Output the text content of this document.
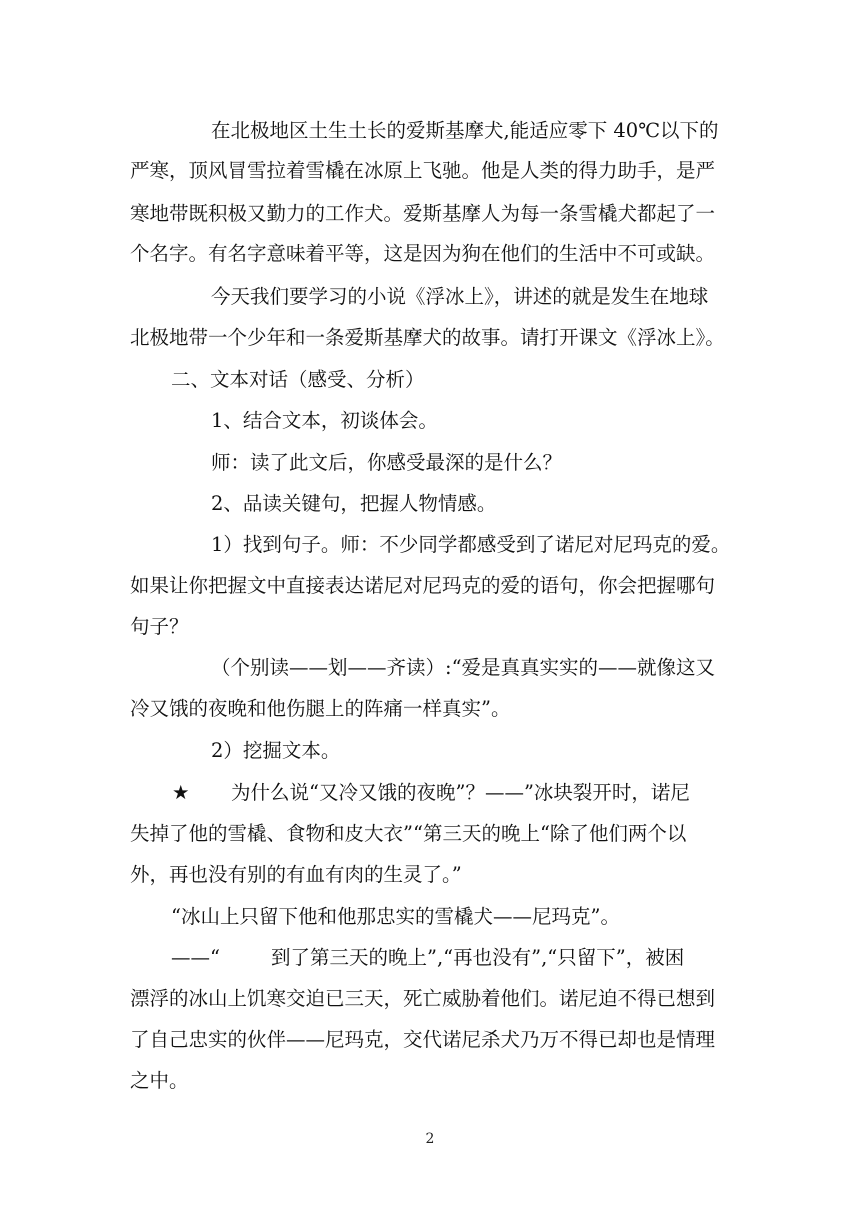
在北极地区土生土长的爱斯基摩犬,能适应零下 40℃以下的
严寒，顶风冒雪拉着雪橇在冰原上飞驰。他是人类的得力助手，是严
寒地带既积极又勤力的工作犬。爱斯基摩人为每一条雪橇犬都起了一
个名字。有名字意味着平等，这是因为狗在他们的生活中不可或缺。
今天我们要学习的小说《浮冰上》，讲述的就是发生在地球
北极地带一个少年和一条爱斯基摩犬的故事。请打开课文《浮冰上》。
二、文本对话（感受、分析）
1、结合文本，初谈体会。
师：读了此文后，你感受最深的是什么？
2、品读关键句，把握人物情感。
1）找到句子。师：不少同学都感受到了诺尼对尼玛克的爱。
如果让你把握文中直接表达诺尼对尼玛克的爱的语句，你会把握哪句
句子？
（个别读——划——齐读）:“爱是真真实实的——就像这又
冷又饿的夜晚和他伤腿上的阵痛一样真实”。
2）挖掘文本。
★ 为什么说“又冷又饿的夜晚”？——”冰块裂开时，诺尼
失掉了他的雪橇、食物和皮大衣”“第三天的晚上“除了他们两个以
外，再也没有别的有血有肉的生灵了。”
“冰山上只留下他和他那忠实的雪橇犬——尼玛克”。
——“	到了第三天的晚上”,“再也没有”,“只留下”，被困
漂浮的冰山上饥寒交迫已三天，死亡威胁着他们。诺尼迫不得已想到
了自己忠实的伙伴——尼玛克，交代诺尼杀犬乃万不得已却也是情理
之中。
2
